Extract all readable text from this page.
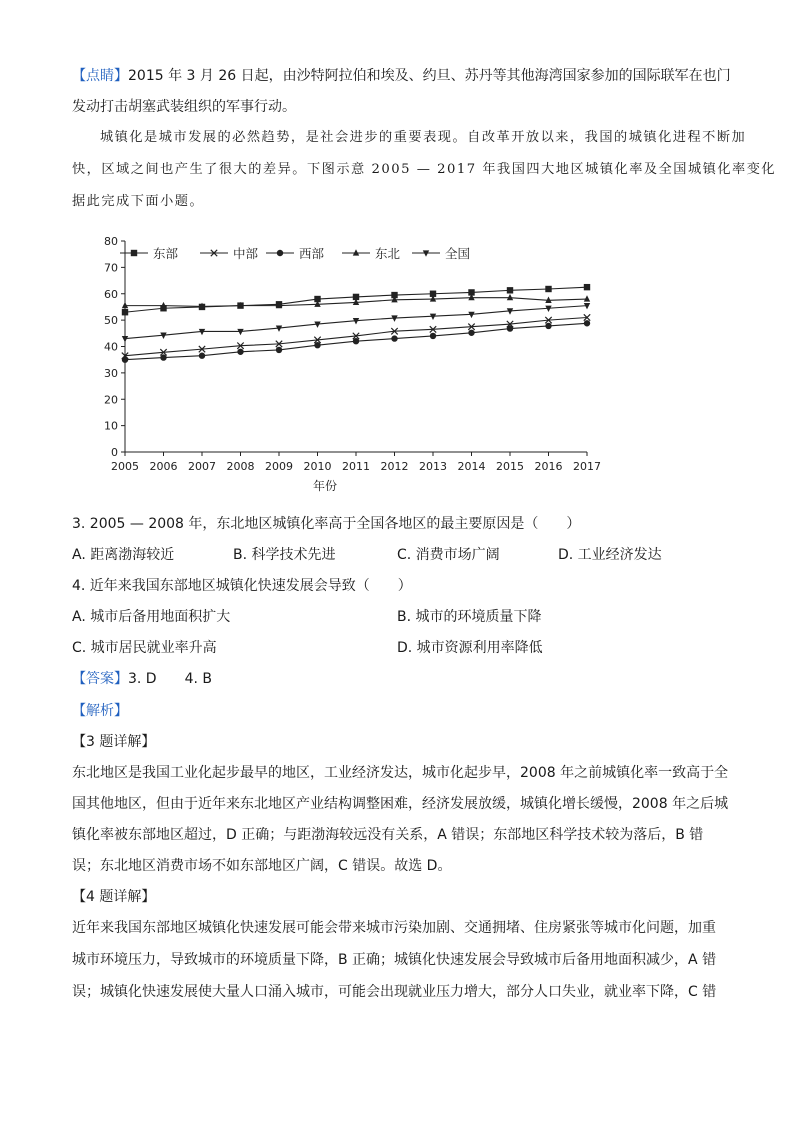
【点睛】2015 年 3 月 26 日起，由沙特阿拉伯和埃及、约旦、苏丹等其他海湾国家参加的国际联军在也门
发动打击胡塞武装组织的军事行动。
城镇化是城市发展的必然趋势，是社会进步的重要表现。自改革开放以来，我国的城镇化进程不断加
快，区域之间也产生了很大的差异。下图示意 2005 — 2017 年我国四大地区城镇化率及全国城镇化率变化
据此完成下面小题。
0
10
20
30
40
50
60
70
80
2005 2006 2007 2008 2009 2010 2011 2012 2013 2014 2015 2016 2017
东部	中部	西部	东北	全国
年份
3. 2005 — 2008 年，东北地区城镇化率高于全国各地区的最主要原因是（　　）
A. 距离渤海较近	B. 科学技术先进	C. 消费市场广阔	D. 工业经济发达
4. 近年来我国东部地区城镇化快速发展会导致（　　）
A. 城市后备用地面积扩大	B. 城市的环境质量下降
C. 城市居民就业率升高	D. 城市资源利用率降低
【答案】3. D　　4. B
【解析】
【3 题详解】
东北地区是我国工业化起步最早的地区，工业经济发达，城市化起步早，2008 年之前城镇化率一致高于全
国其他地区，但由于近年来东北地区产业结构调整困难，经济发展放缓，城镇化增长缓慢，2008 年之后城
镇化率被东部地区超过，D 正确；与距渤海较远没有关系，A 错误；东部地区科学技术较为落后，B 错
误；东北地区消费市场不如东部地区广阔，C 错误。故选 D。
【4 题详解】
近年来我国东部地区城镇化快速发展可能会带来城市污染加剧、交通拥堵、住房紧张等城市化问题，加重
城市环境压力，导致城市的环境质量下降，B 正确；城镇化快速发展会导致城市后备用地面积减少，A 错
误；城镇化快速发展使大量人口涌入城市，可能会出现就业压力增大，部分人口失业，就业率下降，C 错
